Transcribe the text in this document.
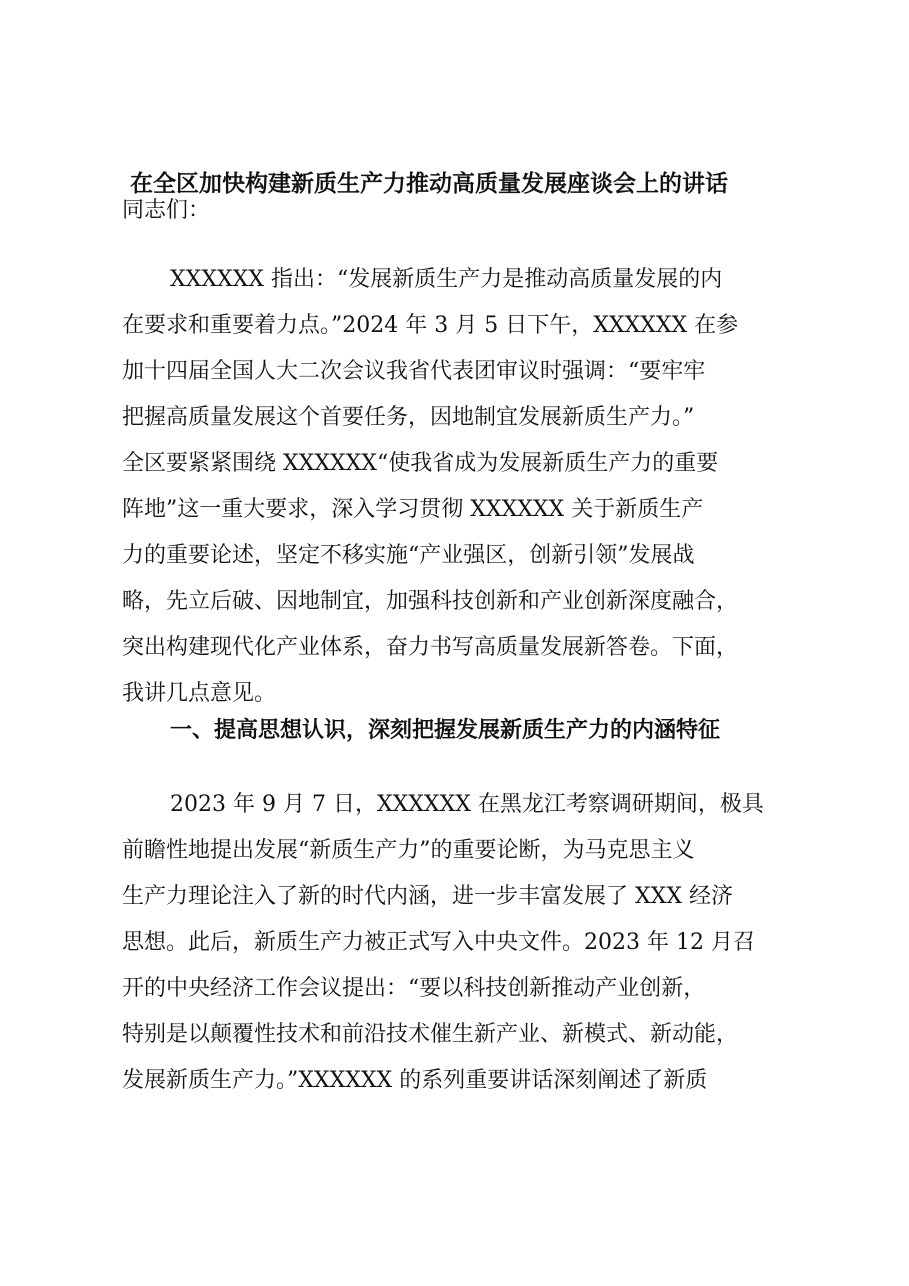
在全区加快构建新质生产力推动高质量发展座谈会上的讲话
同志们：
XXXXXX 指出：“发展新质生产力是推动高质量发展的内
在要求和重要着力点。”2024 年 3 月 5 日下午，XXXXXX 在参
加十四届全国人大二次会议我省代表团审议时强调：“要牢牢
把握高质量发展这个首要任务，因地制宜发展新质生产力。”
全区要紧紧围绕 XXXXXX“使我省成为发展新质生产力的重要
阵地”这一重大要求，深入学习贯彻 XXXXXX 关于新质生产
力的重要论述，坚定不移实施“产业强区，创新引领”发展战
略，先立后破、因地制宜，加强科技创新和产业创新深度融合，
突出构建现代化产业体系，奋力书写高质量发展新答卷。下面，
我讲几点意见。
一、提高思想认识，深刻把握发展新质生产力的内涵特征
2023 年 9 月 7 日，XXXXXX 在黑龙江考察调研期间，极具
前瞻性地提出发展“新质生产力”的重要论断，为马克思主义
生产力理论注入了新的时代内涵，进一步丰富发展了 XXX 经济
思想。此后，新质生产力被正式写入中央文件。2023 年 12 月召
开的中央经济工作会议提出：“要以科技创新推动产业创新，
特别是以颠覆性技术和前沿技术催生新产业、新模式、新动能，
发展新质生产力。”XXXXXX 的系列重要讲话深刻阐述了新质
